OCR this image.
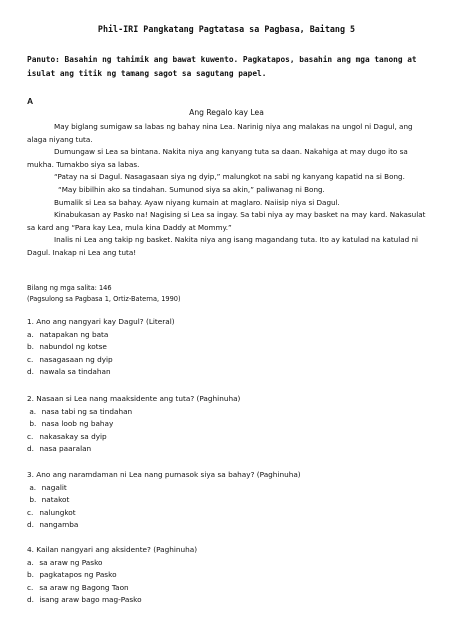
Phil-IRI Pangkatang Pagtatasa sa Pagbasa, Baitang 5
Panuto: Basahin ng tahimik ang bawat kuwento. Pagkatapos, basahin ang mga tanong at isulat ang titik ng tamang sagot sa sagutang papel.
A
Ang Regalo kay Lea

May biglang sumigaw sa labas ng bahay nina Lea. Narinig niya ang malakas na ungol ni Dagul, ang alaga niyang tuta.

Dumungaw si Lea sa bintana. Nakita niya ang kanyang tuta sa daan. Nakahiga at may dugo ito sa mukha. Tumakbo siya sa labas.

“Patay na si Dagul. Nasagasaan siya ng dyip,” malungkot na sabi ng kanyang kapatid na si Bong.

“May bibilhin ako sa tindahan. Sumunod siya sa akin,” paliwanag ni Bong.

Bumalik si Lea sa bahay. Ayaw niyang kumain at maglaro. Naiisip niya si Dagul.

Kinabukasan ay Pasko na! Nagising si Lea sa ingay. Sa tabi niya ay may basket na may kard. Nakasulat sa kard ang “Para kay Lea, mula kina Daddy at Mommy.”

Inalis ni Lea ang takip ng basket. Nakita niya ang isang magandang tuta. Ito ay katulad na katulad ni Dagul. Inakap ni Lea ang tuta!

Bilang ng mga salita: 146
(Pagsulong sa Pagbasa 1, Ortiz-Baterna, 1990)
1. Ano ang nangyari kay Dagul? (Literal)
a. natapakan ng bata
b. nabundol ng kotse
c. nasagasaan ng dyip
d. nawala sa tindahan
2. Nasaan si Lea nang maaksidente ang tuta? (Paghinuha)
a. nasa tabi ng sa tindahan
b. nasa loob ng bahay
c. nakasakay sa dyip
d. nasa paaralan
3. Ano ang naramdaman ni Lea nang pumasok siya sa bahay? (Paghinuha)
a. nagalit
b. natakot
c. nalungkot
d. nangamba
4. Kailan nangyari ang aksidente? (Paghinuha)
a. sa araw ng Pasko
b. pagkatapos ng Pasko
c. sa araw ng Bagong Taon
d. isang araw bago mag-Pasko
